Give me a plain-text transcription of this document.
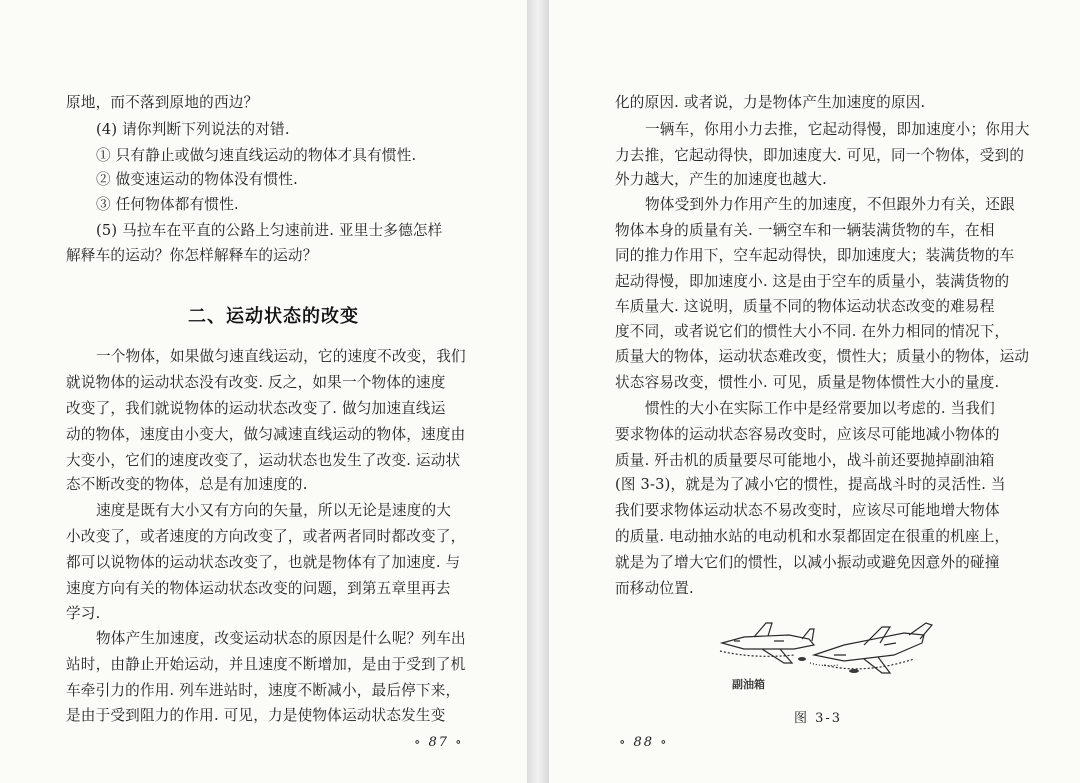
原地，而不落到原地的西边？
(4) 请你判断下列说法的对错.
① 只有静止或做匀速直线运动的物体才具有惯性.
② 做变速运动的物体没有惯性.
③ 任何物体都有惯性.
(5) 马拉车在平直的公路上匀速前进. 亚里士多德怎样
解释车的运动？你怎样解释车的运动？
二、运动状态的改变
一个物体，如果做匀速直线运动，它的速度不改变，我们
就说物体的运动状态没有改变. 反之，如果一个物体的速度
改变了，我们就说物体的运动状态改变了. 做匀加速直线运
动的物体，速度由小变大，做匀减速直线运动的物体，速度由
大变小，它们的速度改变了，运动状态也发生了改变. 运动状
态不断改变的物体，总是有加速度的.
速度是既有大小又有方向的矢量，所以无论是速度的大
小改变了，或者速度的方向改变了，或者两者同时都改变了，
都可以说物体的运动状态改变了，也就是物体有了加速度. 与
速度方向有关的物体运动状态改变的问题，到第五章里再去
学习.
物体产生加速度，改变运动状态的原因是什么呢？列车出
站时，由静止开始运动，并且速度不断增加，是由于受到了机
车牵引力的作用. 列车进站时，速度不断减小，最后停下来，
是由于受到阻力的作用. 可见，力是使物体运动状态发生变
∘ 87 ∘
化的原因. 或者说，力是物体产生加速度的原因.
一辆车，你用小力去推，它起动得慢，即加速度小；你用大
力去推，它起动得快，即加速度大. 可见，同一个物体，受到的
外力越大，产生的加速度也越大.
物体受到外力作用产生的加速度，不但跟外力有关，还跟
物体本身的质量有关. 一辆空车和一辆装满货物的车，在相
同的推力作用下，空车起动得快，即加速度大；装满货物的车
起动得慢，即加速度小. 这是由于空车的质量小，装满货物的
车质量大. 这说明，质量不同的物体运动状态改变的难易程
度不同，或者说它们的惯性大小不同. 在外力相同的情况下，
质量大的物体，运动状态难改变，惯性大；质量小的物体，运动
状态容易改变，惯性小. 可见，质量是物体惯性大小的量度.
惯性的大小在实际工作中是经常要加以考虑的. 当我们
要求物体的运动状态容易改变时，应该尽可能地减小物体的
质量. 歼击机的质量要尽可能地小，战斗前还要抛掉副油箱
(图 3-3)，就是为了减小它的惯性，提高战斗时的灵活性. 当
我们要求物体运动状态不易改变时，应该尽可能地增大物体
的质量. 电动抽水站的电动机和水泵都固定在很重的机座上，
就是为了增大它们的惯性，以减小振动或避免因意外的碰撞
而移动位置.
副油箱
图 3-3
∘ 88 ∘
